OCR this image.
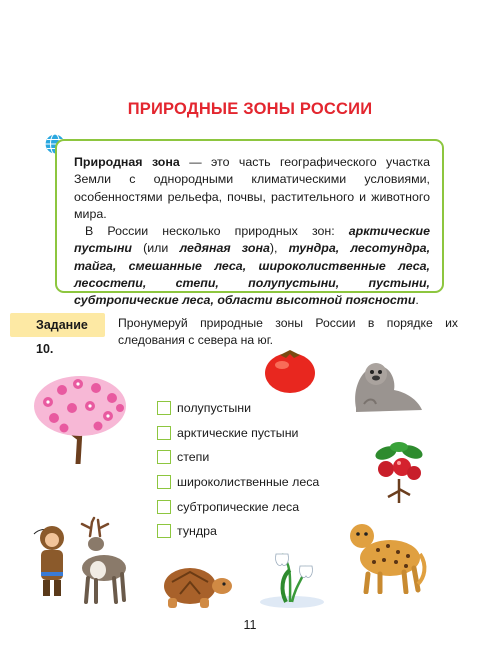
ПРИРОДНЫЕ ЗОНЫ РОССИИ

Природная зона — это часть географического участка Земли с однородными климатическими условиями, особенностями рельефа, почвы, растительного и животного мира.

В России несколько природных зон: арктические пустыни (или ледяная зона), тундра, лесотундра, тайга, смешанные леса, широколиственные леса, лесостепи, степи, полупустыни, пустыни, субтропические леса, области высотной поясности.

Задание 10.
Пронумеруй природные зоны России в порядке их следования с севера на юг.
полупустыни
арктические пустыни
степи
широколиственные леса
субтропические леса
тундра
11
